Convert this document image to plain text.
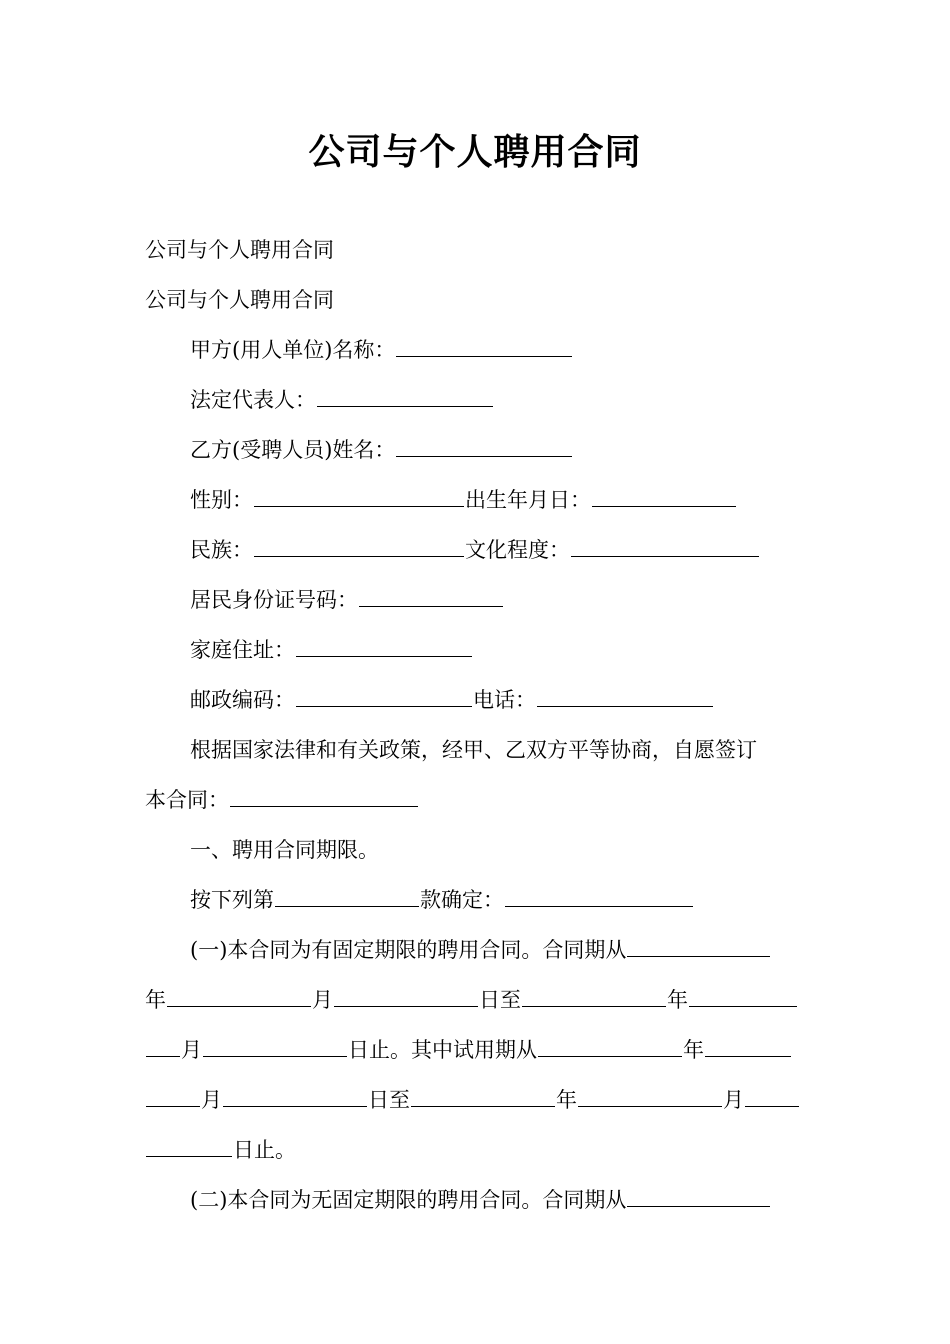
公司与个人聘用合同
公司与个人聘用合同
公司与个人聘用合同
甲方(用人单位)名称：
法定代表人：
乙方(受聘人员)姓名：
性别：	出生年月日：
民族：	文化程度：
居民身份证号码：
家庭住址：
邮政编码：	电话：
根据国家法律和有关政策，经甲、乙双方平等协商，自愿签订
本合同：
一、聘用合同期限。
按下列第	款确定：
(一)本合同为有固定期限的聘用合同。合同期从
年	月	日至	年
月	日止。其中试用期从	年
月	日至	年	月
日止。
(二)本合同为无固定期限的聘用合同。合同期从
